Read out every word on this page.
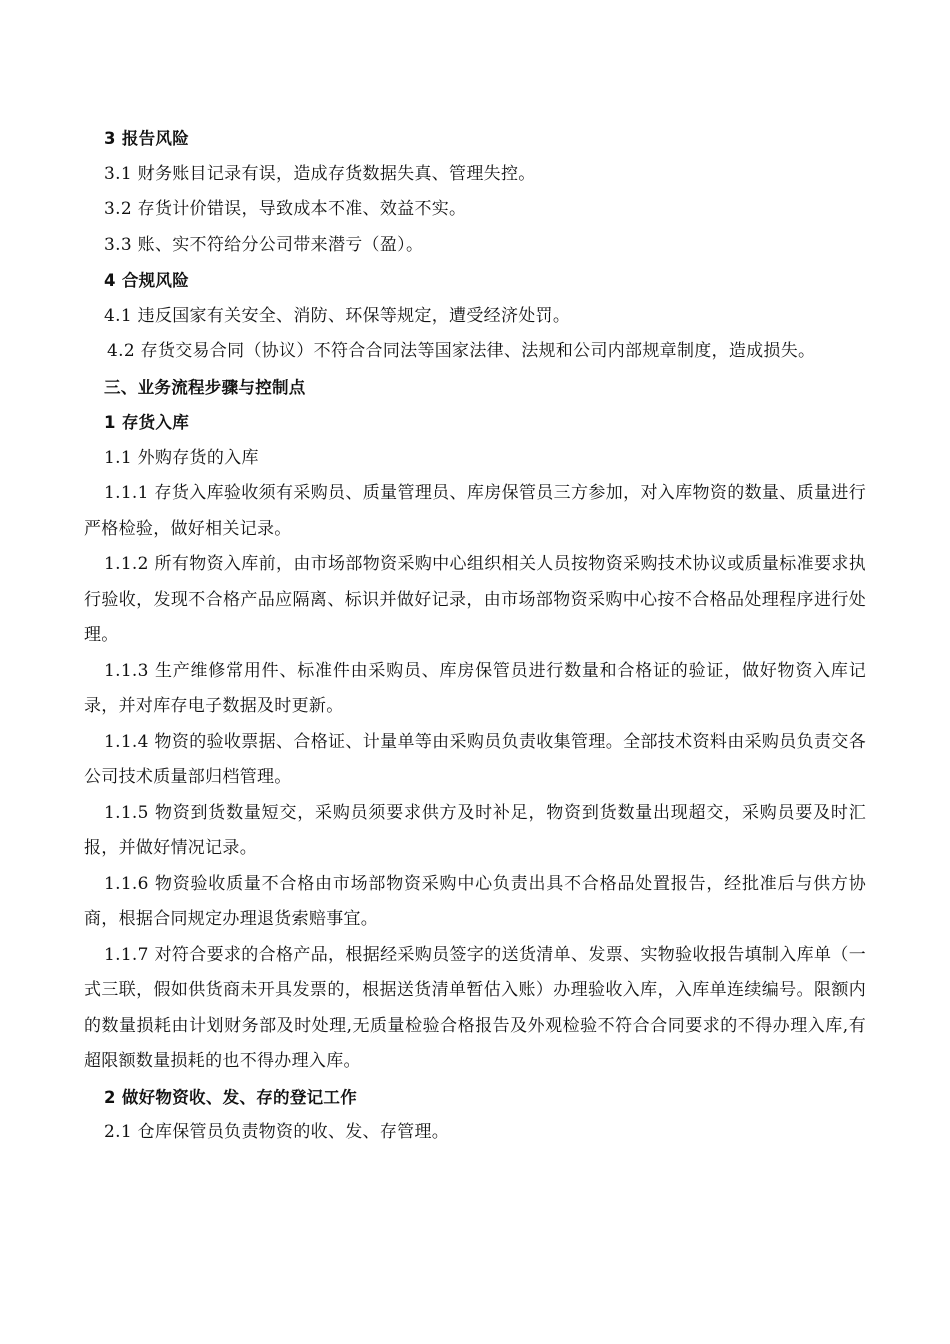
3 报告风险

3.1 财务账目记录有误，造成存货数据失真、管理失控。

3.2 存货计价错误，导致成本不准、效益不实。

3.3 账、实不符给分公司带来潜亏（盈）。

4 合规风险

4.1 违反国家有关安全、消防、环保等规定，遭受经济处罚。

4.2 存货交易合同（协议）不符合合同法等国家法律、法规和公司内部规章制度，造成损失。

三、业务流程步骤与控制点

1 存货入库

1.1 外购存货的入库

1.1.1 存货入库验收须有采购员、质量管理员、库房保管员三方参加，对入库物资的数量、质量进行严格检验，做好相关记录。

1.1.2 所有物资入库前，由市场部物资采购中心组织相关人员按物资采购技术协议或质量标准要求执行验收，发现不合格产品应隔离、标识并做好记录，由市场部物资采购中心按不合格品处理程序进行处理。

1.1.3 生产维修常用件、标准件由采购员、库房保管员进行数量和合格证的验证，做好物资入库记录，并对库存电子数据及时更新。

1.1.4 物资的验收票据、合格证、计量单等由采购员负责收集管理。全部技术资料由采购员负责交各公司技术质量部归档管理。

1.1.5 物资到货数量短交，采购员须要求供方及时补足，物资到货数量出现超交，采购员要及时汇报，并做好情况记录。

1.1.6 物资验收质量不合格由市场部物资采购中心负责出具不合格品处置报告，经批准后与供方协商，根据合同规定办理退货索赔事宜。

1.1.7 对符合要求的合格产品，根据经采购员签字的送货清单、发票、实物验收报告填制入库单（一式三联，假如供货商未开具发票的，根据送货清单暂估入账）办理验收入库，入库单连续编号。限额内的数量损耗由计划财务部及时处理,无质量检验合格报告及外观检验不符合合同要求的不得办理入库,有超限额数量损耗的也不得办理入库。

2 做好物资收、发、存的登记工作

2.1 仓库保管员负责物资的收、发、存管理。
